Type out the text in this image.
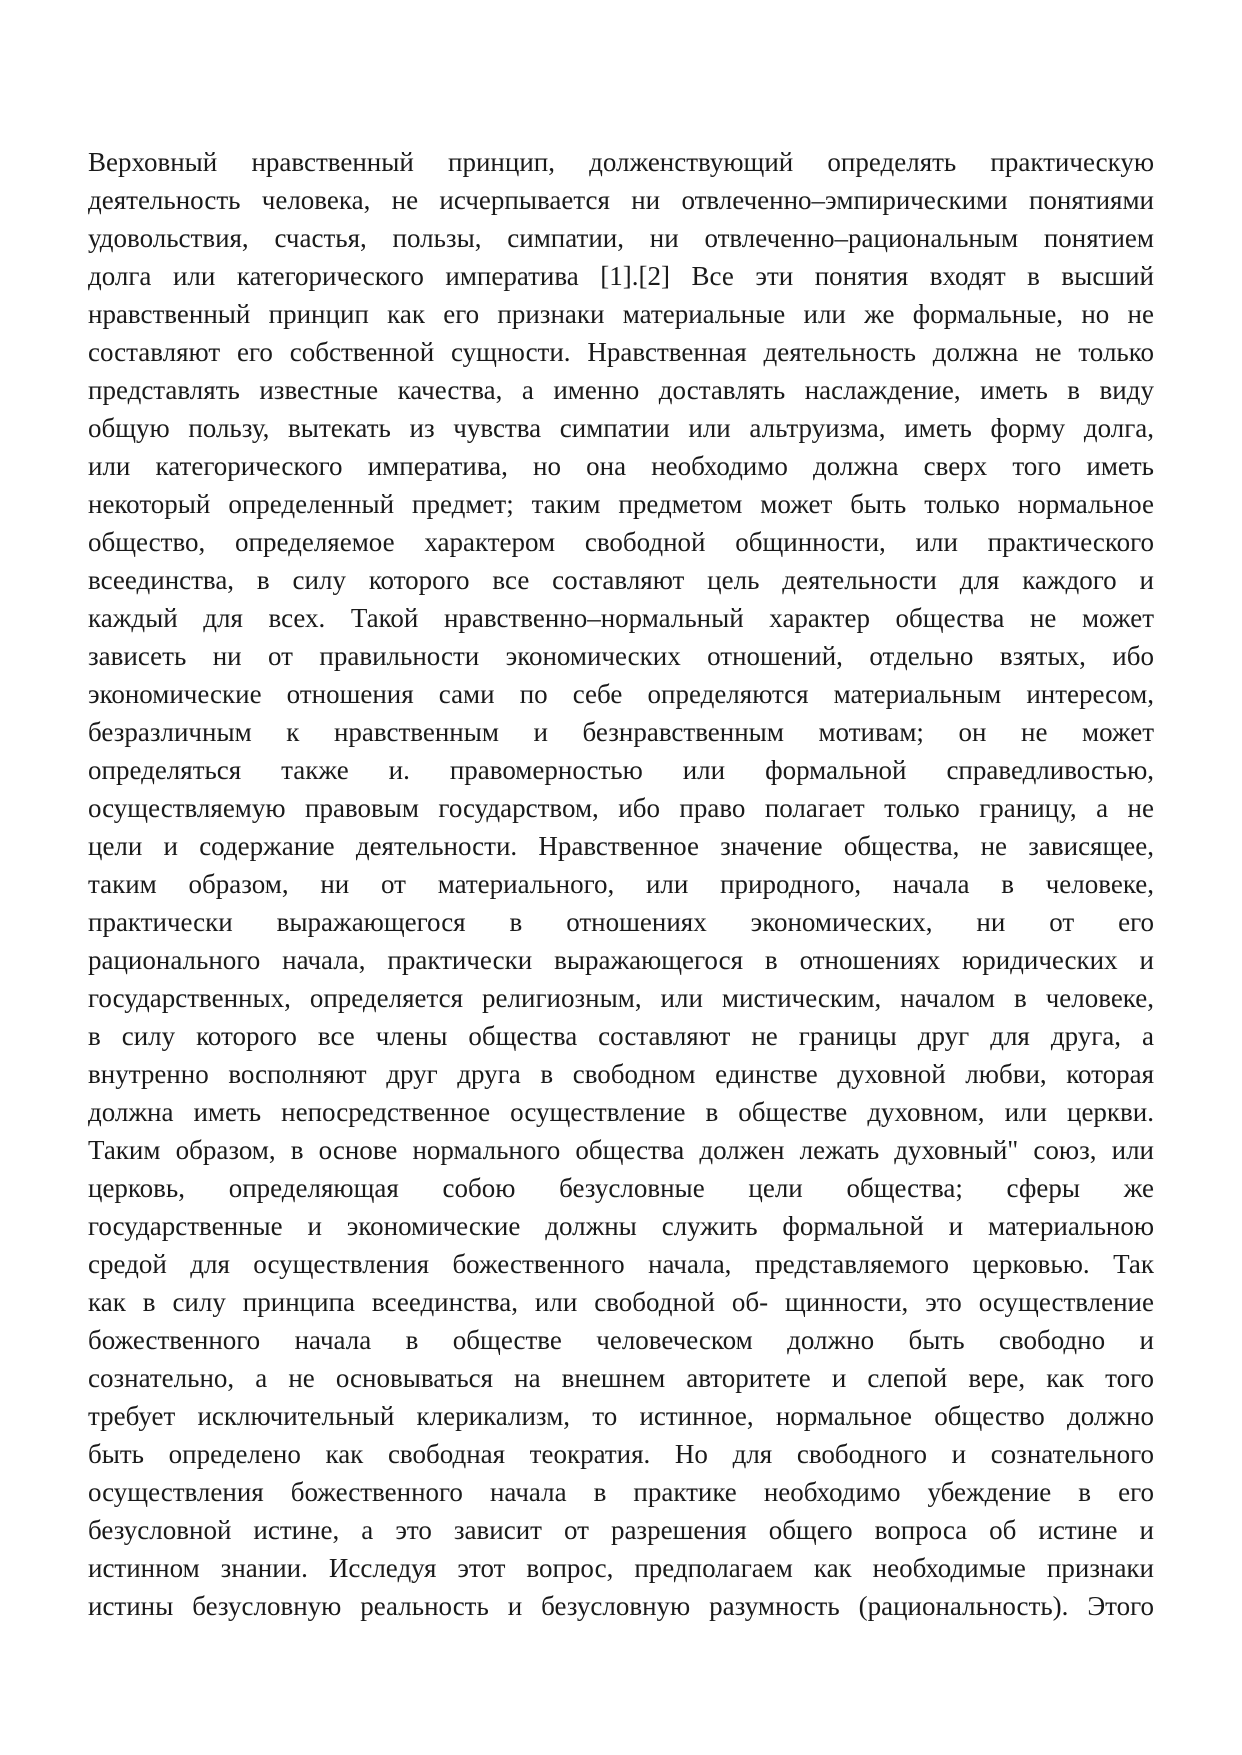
Верховный нравственный принцип, долженствующий определять практическую
деятельность человека, не исчерпывается ни отвлеченно–эмпирическими понятиями
удовольствия, счастья, пользы, симпатии, ни отвлеченно–рациональным понятием
долга или категорического императива [1].[2] Все эти понятия входят в высший
нравственный принцип как его признаки материальные или же формальные, но не
составляют его собственной сущности. Нравственная деятельность должна не только
представлять известные качества, а именно доставлять наслаждение, иметь в виду
общую пользу, вытекать из чувства симпатии или альтруизма, иметь форму долга,
или категорического императива, но она необходимо должна сверх того иметь
некоторый определенный предмет; таким предметом может быть только нормальное
общество, определяемое характером свободной общинности, или практического
всеединства, в силу которого все составляют цель деятельности для каждого и
каждый для всех. Такой нравственно–нормальный характер общества не может
зависеть ни от правильности экономических отношений, отдельно взятых, ибо
экономические отношения сами по себе определяются материальным интересом,
безразличным к нравственным и безнравственным мотивам; он не может
определяться также и. правомерностью или формальной справедливостью,
осуществляемую правовым государством, ибо право полагает только границу, а не
цели и содержание деятельности. Нравственное значение общества, не зависящее,
таким образом, ни от материального, или природного, начала в человеке,
практически выражающегося в отношениях экономических, ни от его
рационального начала, практически выражающегося в отношениях юридических и
государственных, определяется религиозным, или мистическим, началом в человеке,
в силу которого все члены общества составляют не границы друг для друга, а
внутренно восполняют друг друга в свободном единстве духовной любви, которая
должна иметь непосредственное осуществление в обществе духовном, или церкви.
Таким образом, в основе нормального общества должен лежать духовный" союз, или
церковь, определяющая собою безусловные цели общества; сферы же
государственные и экономические должны служить формальной и материальною
средой для осуществления божественного начала, представляемого церковью. Так
как в силу принципа всеединства, или свободной об- щинности, это осуществление
божественного начала в обществе человеческом должно быть свободно и
сознательно, а не основываться на внешнем авторитете и слепой вере, как того
требует исключительный клерикализм, то истинное, нормальное общество должно
быть определено как свободная теократия. Но для свободного и сознательного
осуществления божественного начала в практике необходимо убеждение в его
безусловной истине, а это зависит от разрешения общего вопроса об истине и
истинном знании. Исследуя этот вопрос, предполагаем как необходимые признаки
истины безусловную реальность и безусловную разумность (рациональность). Этого
